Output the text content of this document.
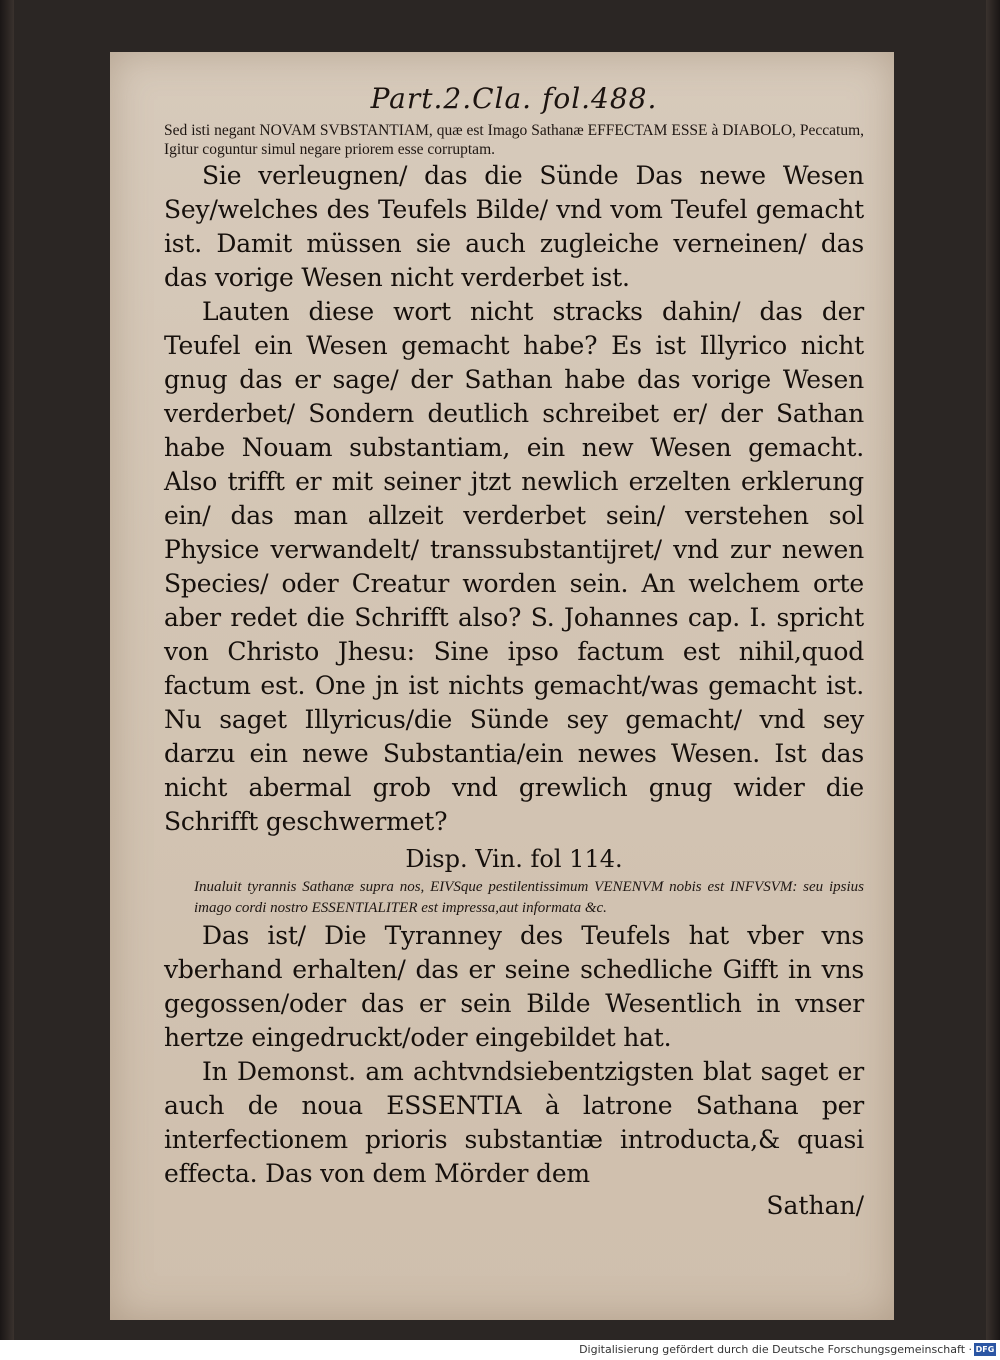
Part.2.Cla. fol.488.

Sed isti negant NOVAM SVBSTANTIAM, quæ est Imago Sathanæ EFFECTAM ESSE à DIABOLO, Peccatum, Igitur coguntur simul negare priorem esse corruptam.

Sie verleugnen/ das die Sünde Das newe Wesen Sey/welches des Teufels Bilde/ vnd vom Teufel gemacht ist. Damit müssen sie auch zugleiche verneinen/ das das vorige Wesen nicht verderbet ist.

Lauten diese wort nicht stracks dahin/ das der Teufel ein Wesen gemacht habe? Es ist Illyrico nicht gnug das er sage/ der Sathan habe das vorige Wesen verderbet/ Sondern deutlich schreibet er/ der Sathan habe Nouam substantiam, ein new Wesen gemacht. Also trifft er mit seiner jtzt newlich erzelten erklerung ein/ das man allzeit verderbet sein/ verstehen sol Physice verwandelt/ transsubstantijret/ vnd zur newen Species/ oder Creatur worden sein. An welchem orte aber redet die Schrifft also? S. Johannes cap. I. spricht von Christo Jhesu: Sine ipso factum est nihil,quod factum est. One jn ist nichts gemacht/was gemacht ist. Nu saget Illyricus/die Sünde sey gemacht/ vnd sey darzu ein newe Substantia/ein newes Wesen. Ist das nicht abermal grob vnd grewlich gnug wider die Schrifft geschwermet?

Disp. Vin. fol 114.

Inualuit tyrannis Sathanæ supra nos, EIVSque pestilentissimum VENENVM nobis est INFVSVM: seu ipsius imago cordi nostro ESSENTIALITER est impressa,aut informata &c.

Das ist/ Die Tyranney des Teufels hat vber vns vberhand erhalten/ das er seine schedliche Gifft in vns gegossen/oder das er sein Bilde Wesentlich in vnser hertze eingedruckt/oder eingebildet hat.

In Demonst. am achtvndsiebentzigsten blat saget er auch de noua ESSENTIA à latrone Sathana per interfectionem prioris substantiæ introducta,& quasi effecta. Das von dem Mörder dem

Sathan/

Digitalisierung gefördert durch die Deutsche Forschungsgemeinschaft · DFG
